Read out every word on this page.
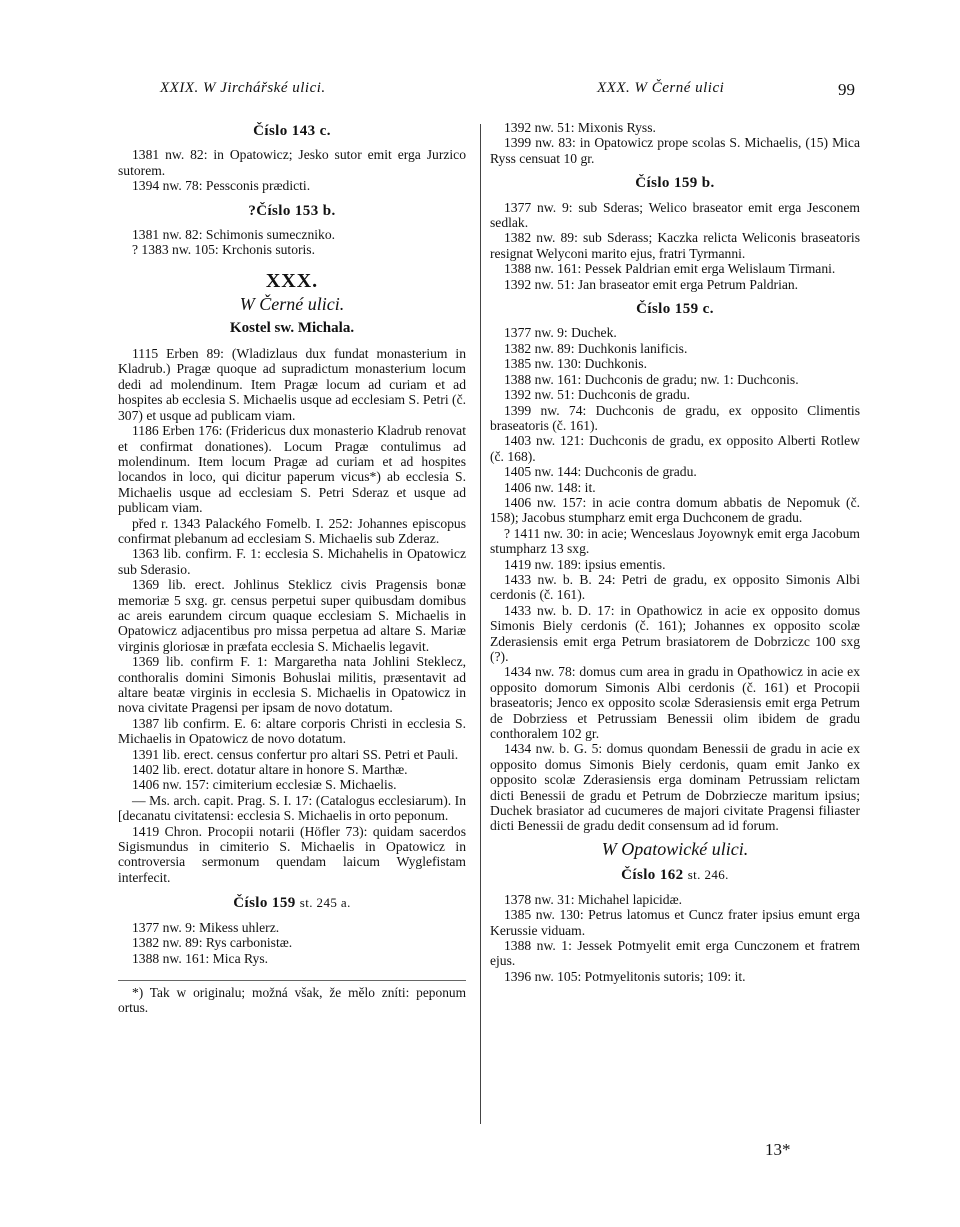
XXIX. W Jirchářské ulici.	XXX. W Černé ulici	99
Číslo 143 c.

1381 nw. 82: in Opatowicz; Jesko sutor emit erga Jurzico sutorem.

1394 nw. 78: Pessconis prædicti.

?Číslo 153 b.

1381 nw. 82: Schimonis sumeczniko.

? 1383 nw. 105: Krchonis sutoris.

XXX.
W Černé ulici.
Kostel sw. Michala.

1115 Erben 89: (Wladizlaus dux fundat monasterium in Kladrub.) Pragæ quoque ad supradictum monasterium locum dedi ad molendinum. Item Pragæ locum ad curiam et ad hospites ab ecclesia S. Michaelis usque ad ecclesiam S. Petri (č. 307) et usque ad publicam viam.

1186 Erben 176: (Fridericus dux monasterio Kladrub renovat et confirmat donationes). Locum Pragæ contulimus ad molendinum. Item locum Pragæ ad curiam et ad hospites locandos in loco, qui dicitur paperum vicus*) ab ecclesia S. Michaelis usque ad ecclesiam S. Petri Sderaz et usque ad publicam viam.

před r. 1343 Palackého Fomelb. I. 252: Johannes episcopus confirmat plebanum ad ecclesiam S. Michaelis sub Zderaz.

1363 lib. confirm. F. 1: ecclesia S. Michahelis in Opatowicz sub Sderasio.

1369 lib. erect. Johlinus Steklicz civis Pragensis bonæ memoriæ 5 sxg. gr. census perpetui super quibusdam domibus ac areis earundem circum quaque ecclesiam S. Michaelis in Opatowicz adjacentibus pro missa perpetua ad altare S. Mariæ virginis gloriosæ in præfata ecclesia S. Michaelis legavit.

1369 lib. confirm F. 1: Margaretha nata Johlini Steklecz, conthoralis domini Simonis Bohuslai militis, præsentavit ad altare beatæ virginis in ecclesia S. Michaelis in Opatowicz in nova civitate Pragensi per ipsam de novo dotatum.

1387 lib confirm. E. 6: altare corporis Christi in ecclesia S. Michaelis in Opatowicz de novo dotatum.

1391 lib. erect. census confertur pro altari SS. Petri et Pauli.

1402 lib. erect. dotatur altare in honore S. Marthæ.

1406 nw. 157: cimiterium ecclesiæ S. Michaelis.

— Ms. arch. capit. Prag. S. I. 17: (Catalogus ecclesiarum). In [decanatu civitatensi: ecclesia S. Michaelis in orto peponum.

1419 Chron. Procopii notarii (Höfler 73): quidam sacerdos Sigismundus in cimiterio S. Michaelis in Opatowicz in controversia sermonum quendam laicum Wyglefistam interfecit.

Číslo 159 st. 245 a.

1377 nw. 9: Mikess uhlerz.

1382 nw. 89: Rys carbonistæ.

1388 nw. 161: Mica Rys.

*) Tak w originalu; možná však, že mělo zníti: peponum ortus.

1392 nw. 51: Mixonis Ryss.

1399 nw. 83: in Opatowicz prope scolas S. Michaelis, (15) Mica Ryss censuat 10 gr.

Číslo 159 b.

1377 nw. 9: sub Sderas; Welico braseator emit erga Jesconem sedlak.

1382 nw. 89: sub Sderass; Kaczka relicta Weliconis braseatoris resignat Welyconi marito ejus, fratri Tyrmanni.

1388 nw. 161: Pessek Paldrian emit erga Welislaum Tirmani.

1392 nw. 51: Jan braseator emit erga Petrum Paldrian.

Číslo 159 c.

1377 nw. 9: Duchek.

1382 nw. 89: Duchkonis lanificis.

1385 nw. 130: Duchkonis.

1388 nw. 161: Duchconis de gradu; nw. 1: Duchconis.

1392 nw. 51: Duchconis de gradu.

1399 nw. 74: Duchconis de gradu, ex opposito Climentis braseatoris (č. 161).

1403 nw. 121: Duchconis de gradu, ex opposito Alberti Rotlew (č. 168).

1405 nw. 144: Duchconis de gradu.

1406 nw. 148: it.

1406 nw. 157: in acie contra domum abbatis de Nepomuk (č. 158); Jacobus stumpharz emit erga Duchconem de gradu.

? 1411 nw. 30: in acie; Wenceslaus Joyownyk emit erga Jacobum stumpharz 13 sxg.

1419 nw. 189: ipsius ementis.

1433 nw. b. B. 24: Petri de gradu, ex opposito Simonis Albi cerdonis (č. 161).

1433 nw. b. D. 17: in Opathowicz in acie ex opposito domus Simonis Biely cerdonis (č. 161); Johannes ex opposito scolæ Zderasiensis emit erga Petrum brasiatorem de Dobrziczc 100 sxg (?).

1434 nw. 78: domus cum area in gradu in Opathowicz in acie ex opposito domorum Simonis Albi cerdonis (č. 161) et Procopii braseatoris; Jenco ex opposito scolæ Sderasiensis emit erga Petrum de Dobrziess et Petrussiam Benessii olim ibidem de gradu conthoralem 102 gr.

1434 nw. b. G. 5: domus quondam Benessii de gradu in acie ex opposito domus Simonis Biely cerdonis, quam emit Janko ex opposito scolæ Zderasiensis erga dominam Petrussiam relictam dicti Benessii de gradu et Petrum de Dobrziecze maritum ipsius; Duchek brasiator ad cucumeres de majori civitate Pragensi filiaster dicti Benessii de gradu dedit consensum ad id forum.

W Opatowické ulici.
Číslo 162 st. 246.

1378 nw. 31: Michahel lapicidæ.

1385 nw. 130: Petrus latomus et Cuncz frater ipsius emunt erga Kerussie viduam.

1388 nw. 1: Jessek Potmyelit emit erga Cunczonem et fratrem ejus.

1396 nw. 105: Potmyelitonis sutoris; 109: it.

13*
